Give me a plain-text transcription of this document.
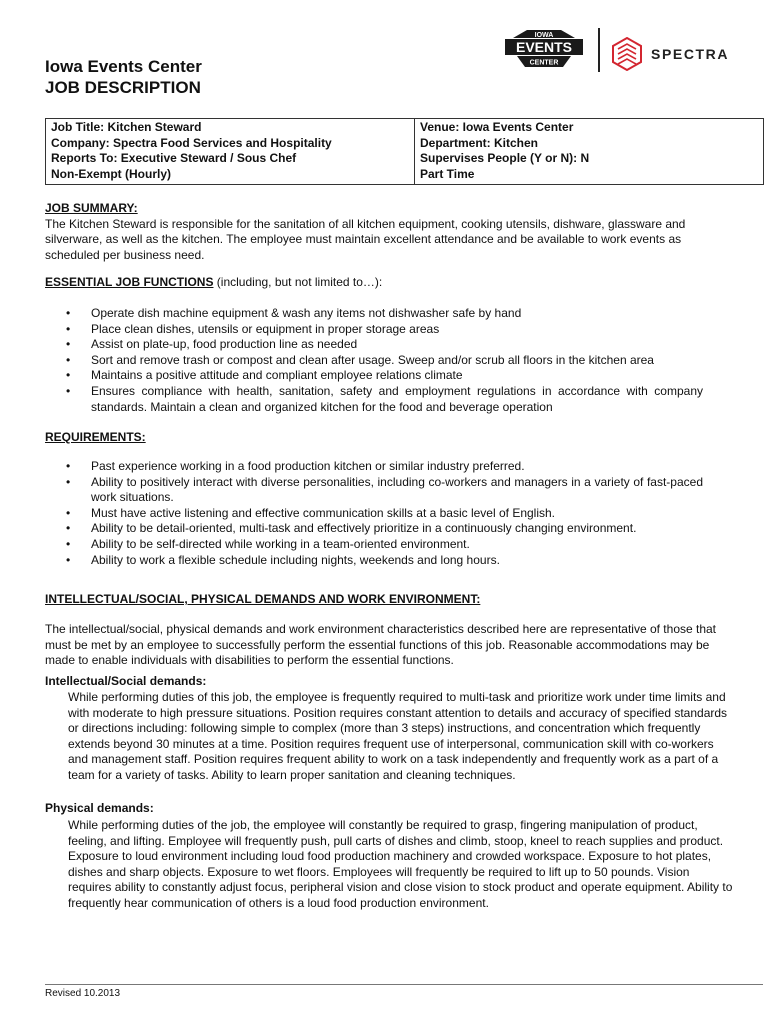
Iowa Events Center
JOB DESCRIPTION
IOWA
EVENTS
CENTER
SPECTRA
Job Title: Kitchen Steward
Company: Spectra Food Services and Hospitality
Reports To: Executive Steward / Sous Chef
Non-Exempt (Hourly)

Venue: Iowa Events Center
Department: Kitchen
Supervises People (Y or N): N
Part Time
JOB SUMMARY:
The Kitchen Steward is responsible for the sanitation of all kitchen equipment, cooking utensils, dishware, glassware and silverware, as well as the kitchen. The employee must maintain excellent attendance and be available to work events as scheduled per business need.
ESSENTIAL JOB FUNCTIONS (including, but not limited to…):
• Operate dish machine equipment & wash any items not dishwasher safe by hand
• Place clean dishes, utensils or equipment in proper storage areas
• Assist on plate-up, food production line as needed
• Sort and remove trash or compost and clean after usage. Sweep and/or scrub all floors in the kitchen area
• Maintains a positive attitude and compliant employee relations climate
• Ensures compliance with health, sanitation, safety and employment regulations in accordance with company standards. Maintain a clean and organized kitchen for the food and beverage operation
REQUIREMENTS:
• Past experience working in a food production kitchen or similar industry preferred.
• Ability to positively interact with diverse personalities, including co-workers and managers in a variety of fast-paced work situations.
• Must have active listening and effective communication skills at a basic level of English.
• Ability to be detail-oriented, multi-task and effectively prioritize in a continuously changing environment.
• Ability to be self-directed while working in a team-oriented environment.
• Ability to work a flexible schedule including nights, weekends and long hours.
INTELLECTUAL/SOCIAL, PHYSICAL DEMANDS AND WORK ENVIRONMENT:
The intellectual/social, physical demands and work environment characteristics described here are representative of those that must be met by an employee to successfully perform the essential functions of this job. Reasonable accommodations may be made to enable individuals with disabilities to perform the essential functions.
Intellectual/Social demands:
While performing duties of this job, the employee is frequently required to multi-task and prioritize work under time limits and with moderate to high pressure situations. Position requires constant attention to details and accuracy of specified standards or directions including: following simple to complex (more than 3 steps) instructions, and concentration which frequently extends beyond 30 minutes at a time. Position requires frequent use of interpersonal, communication skill with co-workers and management staff. Position requires frequent ability to work on a task independently and frequently work as a part of a team for a variety of tasks. Ability to learn proper sanitation and cleaning techniques.
Physical demands:
While performing duties of the job, the employee will constantly be required to grasp, fingering manipulation of product, feeling, and lifting. Employee will frequently push, pull carts of dishes and climb, stoop, kneel to reach supplies and product. Exposure to loud environment including loud food production machinery and crowded workspace. Exposure to hot plates, dishes and sharp objects. Exposure to wet floors. Employees will frequently be required to lift up to 50 pounds. Vision requires ability to constantly adjust focus, peripheral vision and close vision to stock product and operate equipment. Ability to frequently hear communication of others is a loud food production environment.
Revised 10.2013
